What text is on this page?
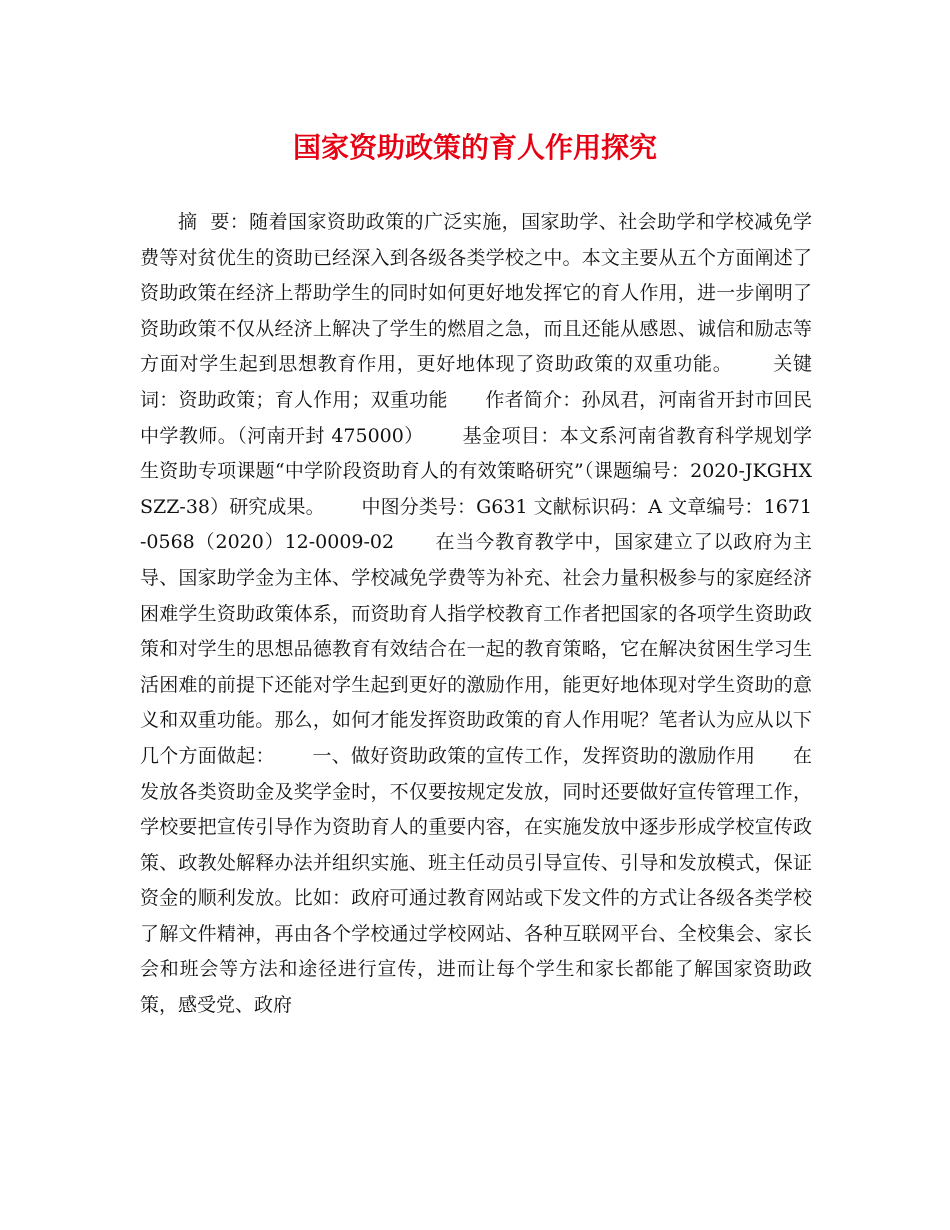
国家资助政策的育人作用探究

摘  要：随着国家资助政策的广泛实施，国家助学、社会助学和学校减免学费等对贫优生的资助已经深入到各级各类学校之中。本文主要从五个方面阐述了资助政策在经济上帮助学生的同时如何更好地发挥它的育人作用，进一步阐明了资助政策不仅从经济上解决了学生的燃眉之急，而且还能从感恩、诚信和励志等方面对学生起到思想教育作用，更好地体现了资助政策的双重功能。      关键词：资助政策；育人作用；双重功能      作者简介：孙凤君，河南省开封市回民中学教师。（河南开封 475000）      基金项目：本文系河南省教育科学规划学生资助专项课题“中学阶段资助育人的有效策略研究”（课题编号：2020-JKGHXSZZ-38）研究成果。      中图分类号：G631 文献标识码：A 文章编号：1671-0568（2020）12-0009-02      在当今教育教学中，国家建立了以政府为主导、国家助学金为主体、学校减免学费等为补充、社会力量积极参与的家庭经济困难学生资助政策体系，而资助育人指学校教育工作者把国家的各项学生资助政策和对学生的思想品德教育有效结合在一起的教育策略，它在解决贫困生学习生活困难的前提下还能对学生起到更好的激励作用，能更好地体现对学生资助的意义和双重功能。那么，如何才能发挥资助政策的育人作用呢？笔者认为应从以下几个方面做起：      一、做好资助政策的宣传工作，发挥资助的激励作用      在发放各类资助金及奖学金时，不仅要按规定发放，同时还要做好宣传管理工作，学校要把宣传引导作为资助育人的重要内容，在实施发放中逐步形成学校宣传政策、政教处解释办法并组织实施、班主任动员引导宣传、引导和发放模式，保证资金的顺利发放。比如：政府可通过教育网站或下发文件的方式让各级各类学校了解文件精神，再由各个学校通过学校网站、各种互联网平台、全校集会、家长会和班会等方法和途径进行宣传，进而让每个学生和家长都能了解国家资助政策，感受党、政府
